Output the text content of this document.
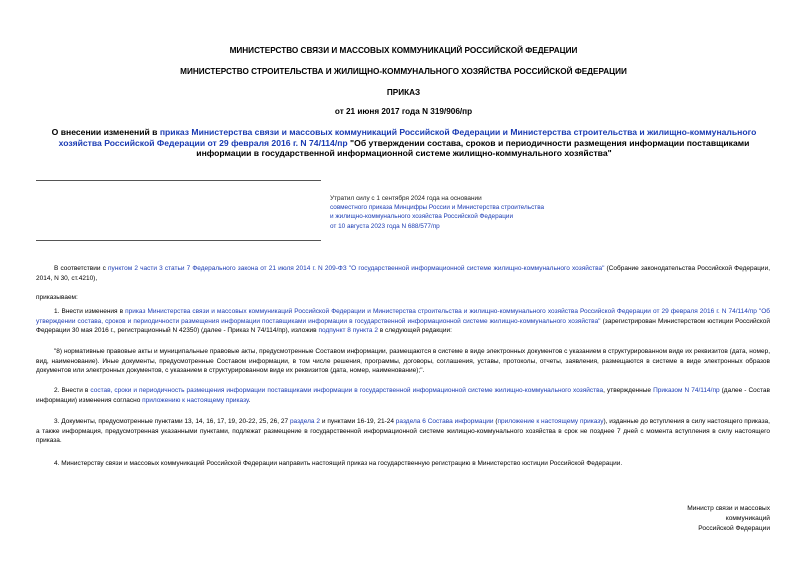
МИНИСТЕРСТВО СВЯЗИ И МАССОВЫХ КОММУНИКАЦИЙ РОССИЙСКОЙ ФЕДЕРАЦИИ
МИНИСТЕРСТВО СТРОИТЕЛЬСТВА И ЖИЛИЩНО-КОММУНАЛЬНОГО ХОЗЯЙСТВА РОССИЙСКОЙ ФЕДЕРАЦИИ
ПРИКАЗ
от 21 июня 2017 года N 319/906/пр
О внесении изменений в приказ Министерства связи и массовых коммуникаций Российской Федерации и Министерства строительства и жилищно-коммунального хозяйства Российской Федерации от 29 февраля 2016 г. N 74/114/пр "Об утверждении состава, сроков и периодичности размещения информации поставщиками информации в государственной информационной системе жилищно-коммунального хозяйства"
Утратил силу с 1 сентября 2024 года на основании
совместного приказа Минцифры России и Министерства строительства
и жилищно-коммунального хозяйства Российской Федерации
от 10 августа 2023 года N 688/577/пр
В соответствии с пунктом 2 части 3 статьи 7 Федерального закона от 21 июля 2014 г. N 209-ФЗ "О государственной информационной системе жилищно-коммунального хозяйства" (Собрание законодательства Российской Федерации, 2014, N 30, ст.4210),
приказываем:
1. Внести изменения в приказ Министерства связи и массовых коммуникаций Российской Федерации и Министерства строительства и жилищно-коммунального хозяйства Российской Федерации от 29 февраля 2016 г. N 74/114/пр "Об утверждении состава, сроков и периодичности размещения информации поставщиками информации в государственной информационной системе жилищно-коммунального хозяйства" (зарегистрирован Министерством юстиции Российской Федерации 30 мая 2016 г., регистрационный N 42350) (далее - Приказ N 74/114/пр), изложив подпункт 8 пункта 2 в следующей редакции:
"8) нормативные правовые акты и муниципальные правовые акты, предусмотренные Составом информации, размещаются в системе в виде электронных документов с указанием в структурированном виде их реквизитов (дата, номер, вид, наименование). Иные документы, предусмотренные Составом информации, в том числе решения, программы, договоры, соглашения, уставы, протоколы, отчеты, заявления, размещаются в системе в виде электронных образов документов или электронных документов, с указанием в структурированном виде их реквизитов (дата, номер, наименование);".
2. Внести в состав, сроки и периодичность размещения информации поставщиками информации в государственной информационной системе жилищно-коммунального хозяйства, утвержденные Приказом N 74/114/пр (далее - Состав информации) изменения согласно приложению к настоящему приказу.
3. Документы, предусмотренные пунктами 13, 14, 16, 17, 19, 20-22, 25, 26, 27 раздела 2 и пунктами 16-19, 21-24 раздела 6 Состава информации (приложение к настоящему приказу), изданные до вступления в силу настоящего приказа, а также информация, предусмотренная указанными пунктами, подлежат размещение в государственной информационной системе жилищно-коммунального хозяйства в срок не позднее 7 дней с момента вступления в силу настоящего приказа.
4. Министерству связи и массовых коммуникаций Российской Федерации направить настоящий приказ на государственную регистрацию в Министерство юстиции Российской Федерации.
Министр связи и массовых
коммуникаций
Российской Федерации
